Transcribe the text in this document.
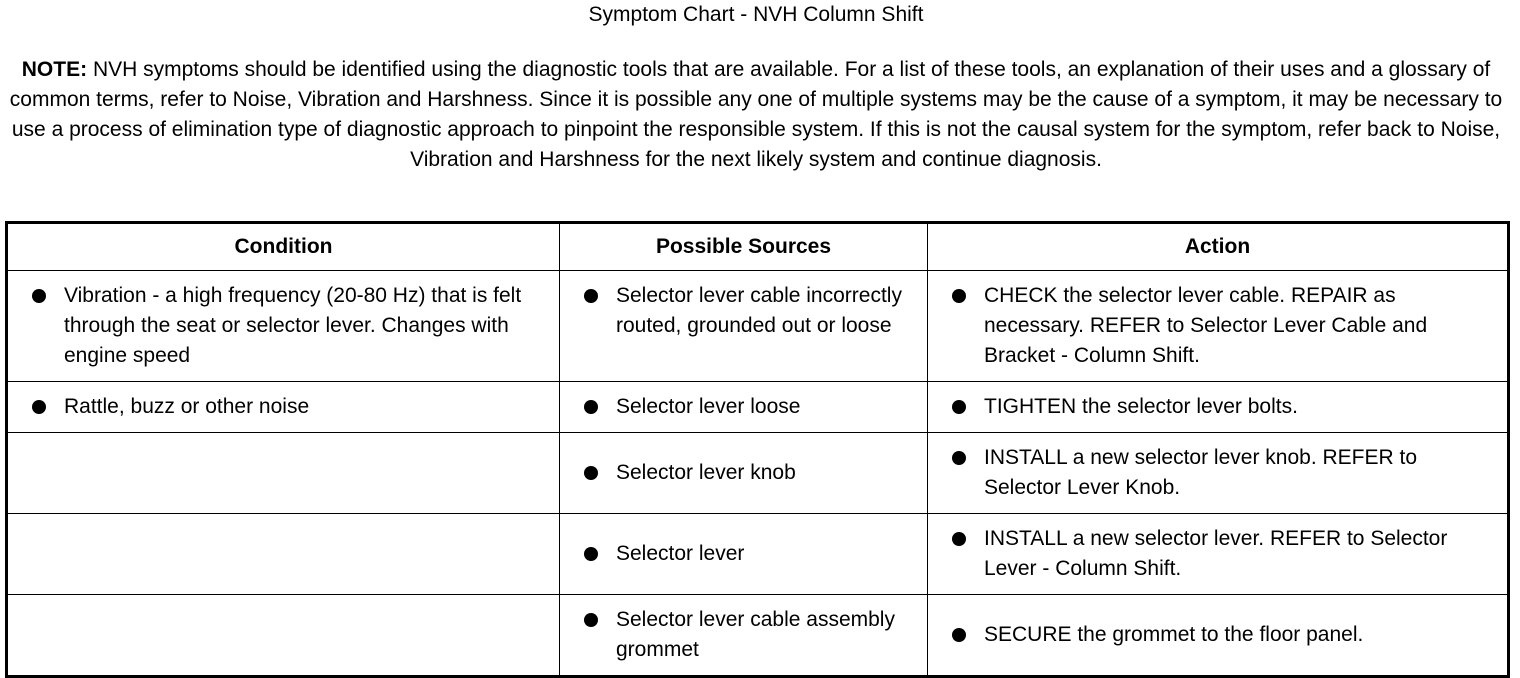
Symptom Chart - NVH Column Shift
NOTE: NVH symptoms should be identified using the diagnostic tools that are available. For a list of these tools, an explanation of their uses and a glossary of common terms, refer to Noise, Vibration and Harshness. Since it is possible any one of multiple systems may be the cause of a symptom, it may be necessary to use a process of elimination type of diagnostic approach to pinpoint the responsible system. If this is not the causal system for the symptom, refer back to Noise, Vibration and Harshness for the next likely system and continue diagnosis.
Condition	Possible Sources	Action

Vibration - a high frequency (20-80 Hz) that is felt through the seat or selector lever. Changes with engine speed	Selector lever cable incorrectly routed, grounded out or loose	CHECK the selector lever cable. REPAIR as necessary. REFER to Selector Lever Cable and Bracket - Column Shift.

Rattle, buzz or other noise	Selector lever loose	TIGHTEN the selector lever bolts.

	Selector lever knob	INSTALL a new selector lever knob. REFER to Selector Lever Knob.

	Selector lever	INSTALL a new selector lever. REFER to Selector Lever - Column Shift.

	Selector lever cable assembly grommet	SECURE the grommet to the floor panel.
